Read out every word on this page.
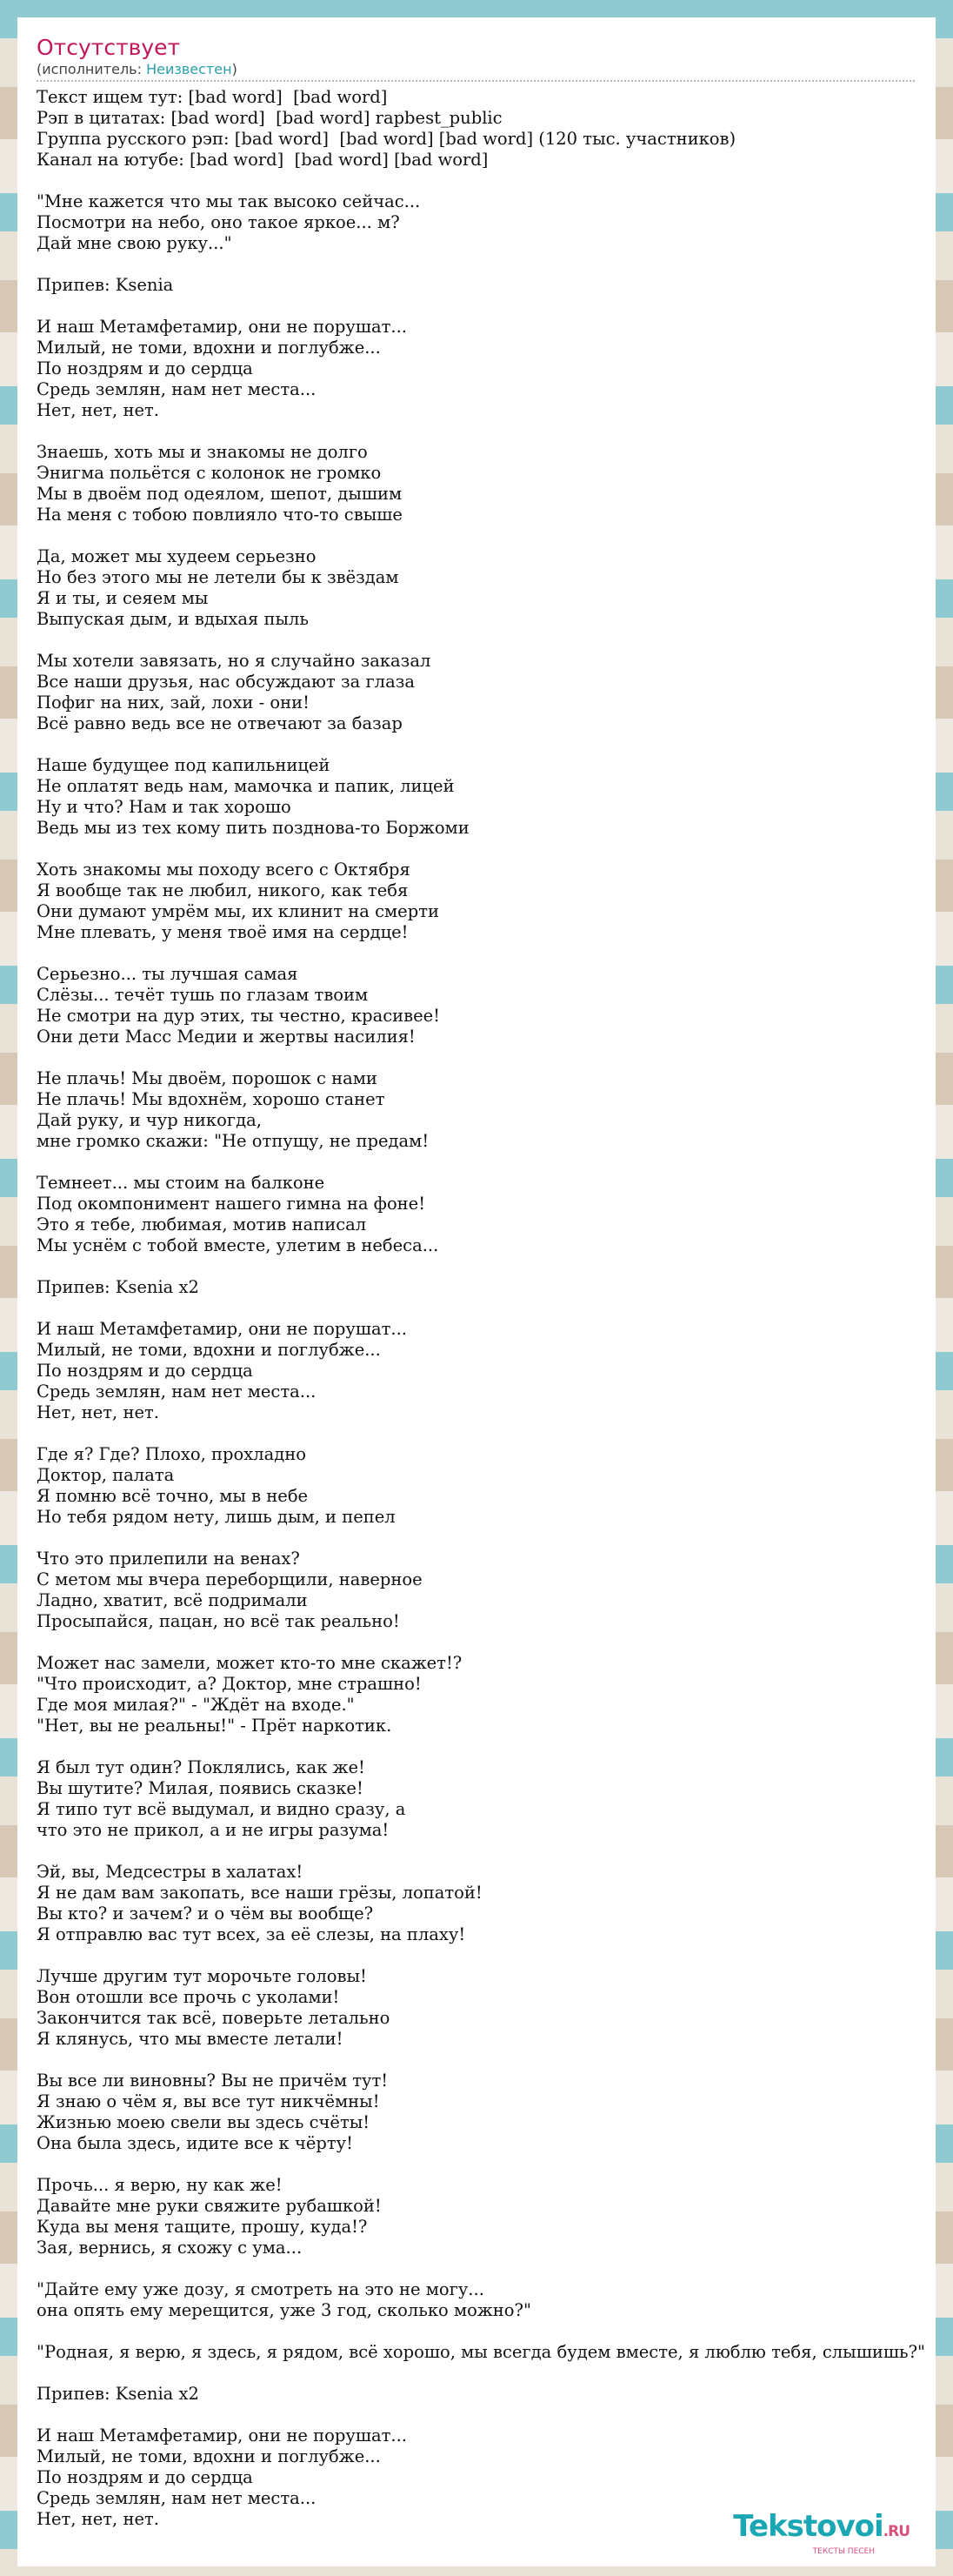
Отсутствует
(исполнитель: Неизвестен)
Текст ищем тут: [bad word]  [bad word]
Рэп в цитатах: [bad word]  [bad word] rapbest_public
Группа русского рэп: [bad word]  [bad word] [bad word] (120 тыс. участников)
Канал на ютубе: [bad word]  [bad word] [bad word]
"Мне кажется что мы так высоко сейчас...
Посмотри на небо, оно такое яркое... м?
Дай мне свою руку..."
Припев: Ksenia
И наш Метамфетамир, они не порушат...
Милый, не томи, вдохни и поглубже...
По ноздрям и до сердца
Средь землян, нам нет места...
Нет, нет, нет.
Знаешь, хоть мы и знакомы не долго
Энигма польётся с колонок не громко
Мы в двоём под одеялом, шепот, дышим
На меня с тобою повлияло что-то свыше
Да, может мы худеем серьезно
Но без этого мы не летели бы к звёздам
Я и ты, и сеяем мы
Выпуская дым, и вдыхая пыль
Мы хотели завязать, но я случайно заказал
Все наши друзья, нас обсуждают за глаза
Пофиг на них, зай, лохи - они!
Всё равно ведь все не отвечают за базар
Наше будущее под капильницей
Не оплатят ведь нам, мамочка и папик, лицей
Ну и что? Нам и так хорошо
Ведь мы из тех кому пить позднова-то Боржоми
Хоть знакомы мы походу всего с Октября
Я вообще так не любил, никого, как тебя
Они думают умрём мы, их клинит на смерти
Мне плевать, у меня твоё имя на сердце!
Серьезно... ты лучшая самая
Слёзы... течёт тушь по глазам твоим
Не смотри на дур этих, ты честно, красивее!
Они дети Масс Медии и жертвы насилия!
Не плачь! Мы двоём, порошок с нами
Не плачь! Мы вдохнём, хорошо станет
Дай руку, и чур никогда,
мне громко скажи: "Не отпущу, не предам!
Темнеет... мы стоим на балконе
Под окомпонимент нашего гимна на фоне!
Это я тебе, любимая, мотив написал
Мы уснём с тобой вместе, улетим в небеса...
Припев: Ksenia x2
И наш Метамфетамир, они не порушат...
Милый, не томи, вдохни и поглубже...
По ноздрям и до сердца
Средь землян, нам нет места...
Нет, нет, нет.
Где я? Где? Плохо, прохладно
Доктор, палата
Я помню всё точно, мы в небе
Но тебя рядом нету, лишь дым, и пепел
Что это прилепили на венах?
С метом мы вчера переборщили, наверное
Ладно, хватит, всё подримали
Просыпайся, пацан, но всё так реально!
Может нас замели, может кто-то мне скажет!?
"Что происходит, а? Доктор, мне страшно!
Где моя милая?" - "Ждёт на входе."
"Нет, вы не реальны!" - Прёт наркотик.
Я был тут один? Поклялись, как же!
Вы шутите? Милая, появись сказке!
Я типо тут всё выдумал, и видно сразу, а
что это не прикол, а и не игры разума!
Эй, вы, Медсестры в халатах!
Я не дам вам закопать, все наши грёзы, лопатой!
Вы кто? и зачем? и о чём вы вообще?
Я отправлю вас тут всех, за её слезы, на плаху!
Лучше другим тут морочьте головы!
Вон отошли все прочь с уколами!
Закончится так всё, поверьте летально
Я клянусь, что мы вместе летали!
Вы все ли виновны? Вы не причём тут!
Я знаю о чём я, вы все тут никчёмны!
Жизнью моею свели вы здесь счёты!
Она была здесь, идите все к чёрту!
Прочь... я верю, ну как же!
Давайте мне руки свяжите рубашкой!
Куда вы меня тащите, прошу, куда!?
Зая, вернись, я схожу с ума...
"Дайте ему уже дозу, я смотреть на это не могу...
она опять ему мерещится, уже 3 год, сколько можно?"
"Родная, я верю, я здесь, я рядом, всё хорошо, мы всегда будем вместе, я люблю тебя, слышишь?"
Припев: Ksenia x2
И наш Метамфетамир, они не порушат...
Милый, не томи, вдохни и поглубже...
По ноздрям и до сердца
Средь землян, нам нет места...
Нет, нет, нет.	Tekstovoi.RU
ТЕКСТЫ ПЕСЕН
